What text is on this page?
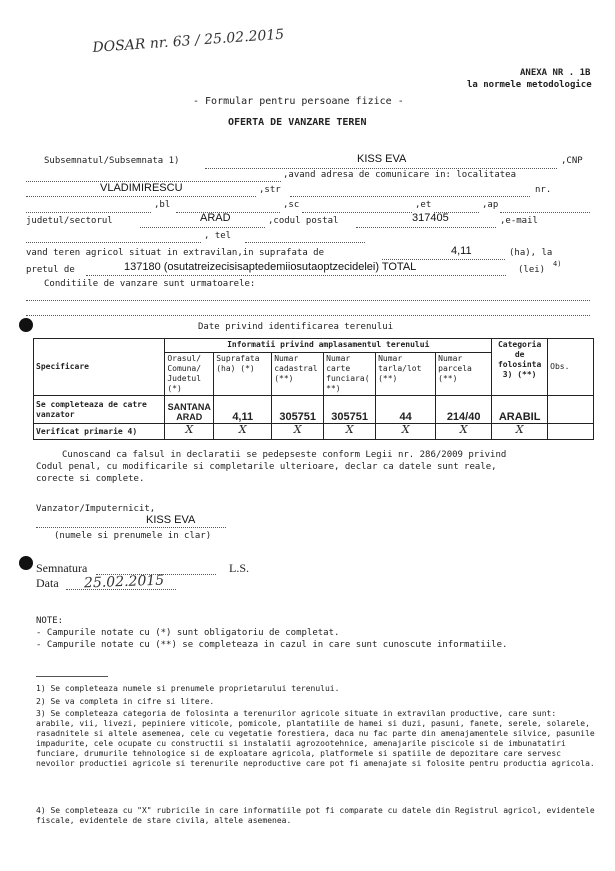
DOSAR nr. 63 / 25.02.2015
ANEXA NR . 1B
la normele metodologice
- Formular pentru persoane fizice -
OFERTA DE VANZARE TEREN
Subsemnatul/Subsemnata 1)	KISS EVA	,CNP
,avand adresa de comunicare in: localitatea
VLADIMIRESCU	,str	nr.
,bl	,sc	,et	,ap
judetul/sectorul	ARAD	,codul postal	317405	,e-mail
, tel
vand teren agricol situat in extravilan,in suprafata de	4,11	(ha), la
pretul de	137180 (osutatreizecisisaptedemiiosutaoptzecidelei) TOTAL	(lei)
4)
Conditiile de vanzare sunt urmatoarele:
Date privind identificarea terenului
Specificare	Informatii privind amplasamentul terenului						Categoria de folosinta 3) (**)	Obs.
	Orasul/ Comuna/ Judetul (*)	Suprafata (ha) (*)	Numar cadastral (**)	Numar carte funciara( **)	Numar tarla/lot (**)	Numar parcela (**)		
Se completeaza de catre vanzator	SANTANA ARAD	4,11	305751	305751	44	214/40	ARABIL	
Verificat primarie 4)	X	X	X	X	X	X	X	
Cunoscand ca falsul in declaratii se pedepseste conform Legii nr. 286/2009 privind
Codul penal, cu modificarile si completarile ulterioare, declar ca datele sunt reale,
corecte si complete.
Vanzator/Imputernicit,
KISS EVA
(numele si prenumele in clar)
Semnatura	L.S.
Data 25.02.2015
NOTE:
- Campurile notate cu (*) sunt obligatoriu de completat.
- Campurile notate cu (**) se completeaza in cazul in care sunt cunoscute informatiile.
1) Se completeaza numele si prenumele proprietarului terenului.
2) Se va completa in cifre si litere.
3) Se completeaza categoria de folosinta a terenurilor agricole situate in extravilan productive, care sunt: arabile, vii, livezi, pepiniere viticole, pomicole, plantatiile de hamei si duzi, pasuni, fanete, serele, solarele, rasadnitele si altele asemenea, cele cu vegetatie forestiera, daca nu fac parte din amenajamentele silvice, pasunile impadurite, cele ocupate cu constructii si instalatii agrozootehnice, amenajarile piscicole si de imbunatatiri funciare, drumurile tehnologice si de exploatare agricola, platformele si spatiile de depozitare care servesc nevoilor productiei agricole si terenurile neproductive care pot fi amenajate si folosite pentru productia agricola.
4) Se completeaza cu "X" rubricile in care informatiile pot fi comparate cu datele din Registrul agricol, evidentele fiscale, evidentele de stare civila, altele asemenea.
